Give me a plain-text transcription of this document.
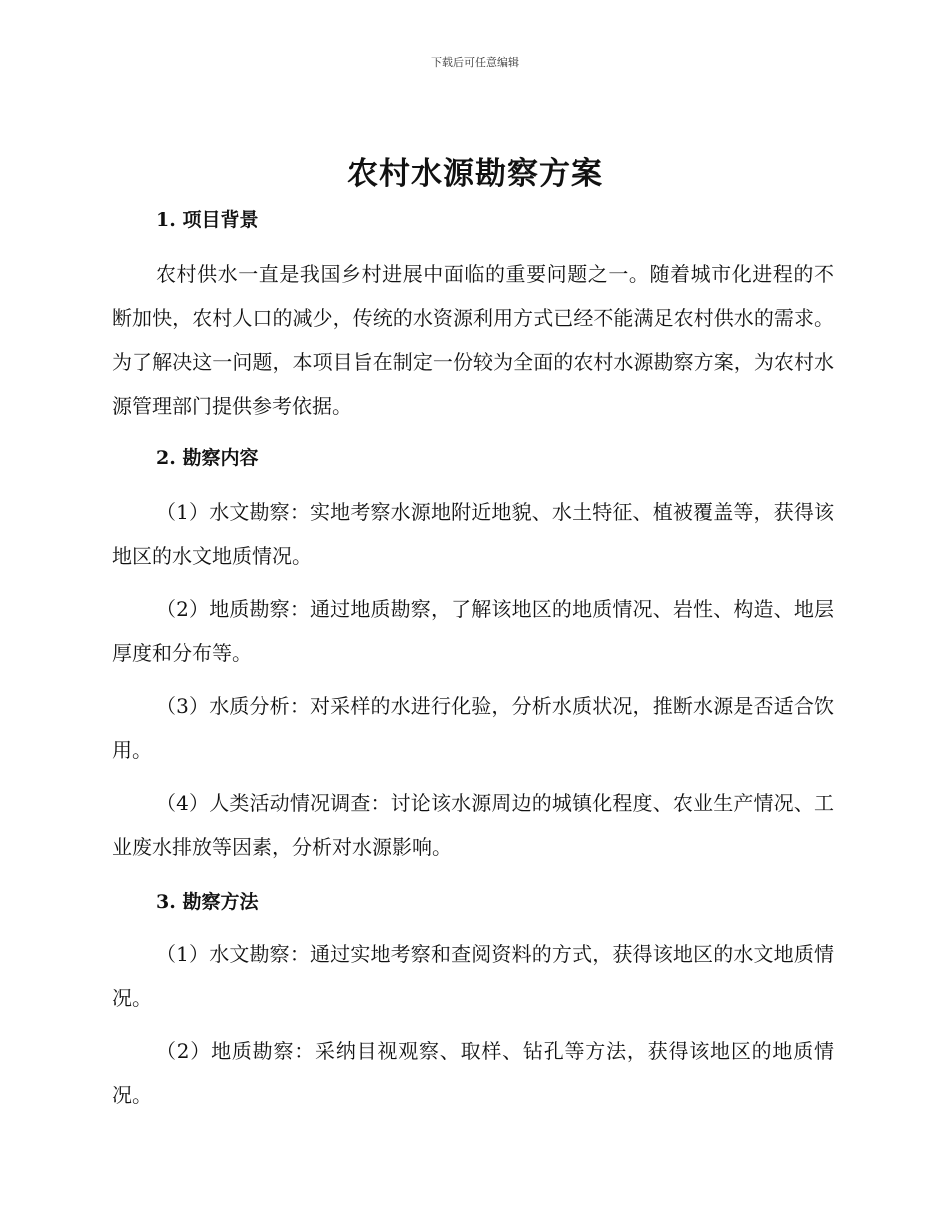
下载后可任意编辑
农村水源勘察方案
1. 项目背景
农村供水一直是我国乡村进展中面临的重要问题之一。随着城市化进程的不断加快，农村人口的减少，传统的水资源利用方式已经不能满足农村供水的需求。为了解决这一问题，本项目旨在制定一份较为全面的农村水源勘察方案，为农村水源管理部门提供参考依据。
2. 勘察内容
（1）水文勘察：实地考察水源地附近地貌、水土特征、植被覆盖等，获得该地区的水文地质情况。
（2）地质勘察：通过地质勘察，了解该地区的地质情况、岩性、构造、地层厚度和分布等。
（3）水质分析：对采样的水进行化验，分析水质状况，推断水源是否适合饮用。
（4）人类活动情况调查：讨论该水源周边的城镇化程度、农业生产情况、工业废水排放等因素，分析对水源影响。
3. 勘察方法
（1）水文勘察：通过实地考察和查阅资料的方式，获得该地区的水文地质情况。
（2）地质勘察：采纳目视观察、取样、钻孔等方法，获得该地区的地质情况。
